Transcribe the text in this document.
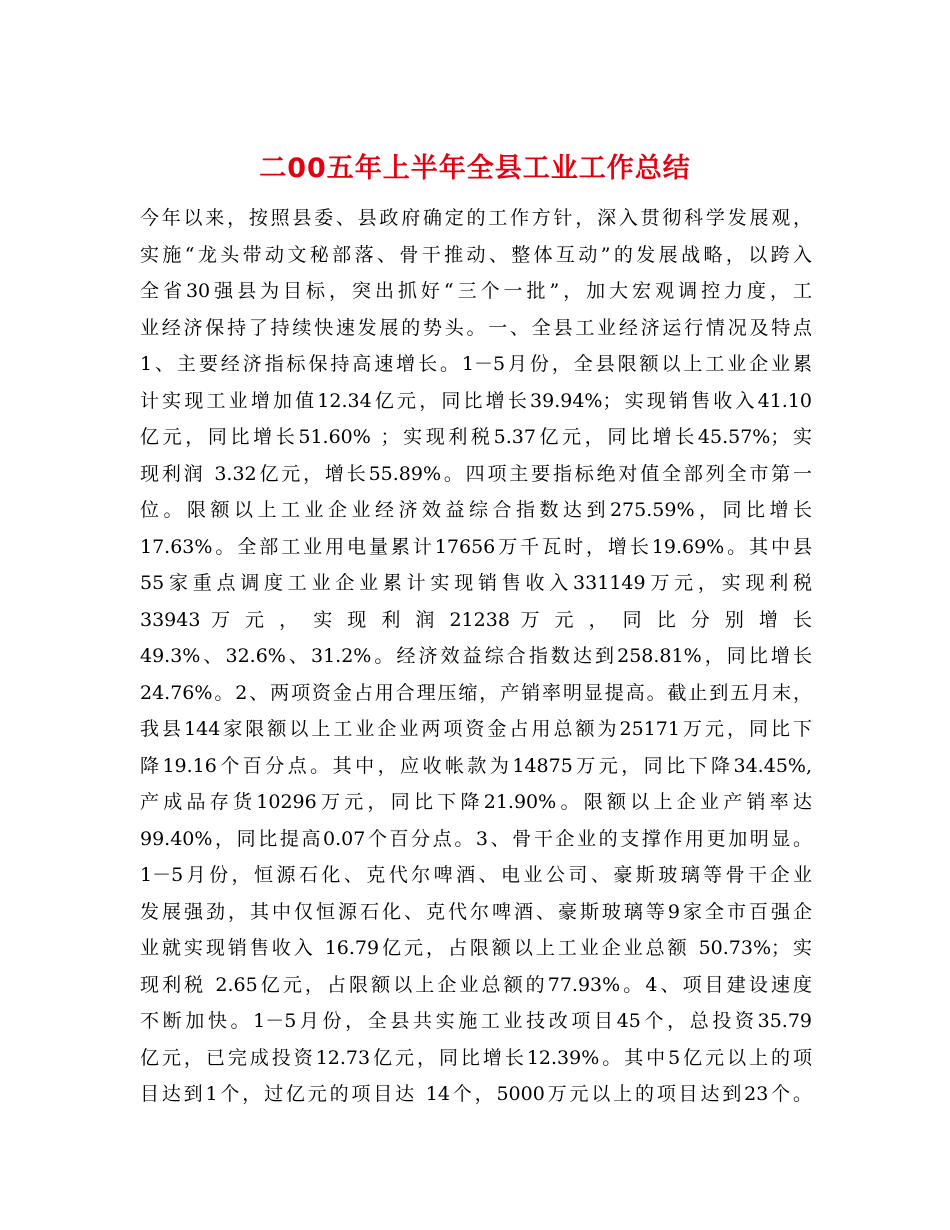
二00五年上半年全县工业工作总结
今年以来，按照县委、县政府确定的工作方针，深入贯彻科学发展观，
实施“龙头带动文秘部落、骨干推动、整体互动”的发展战略，以跨入
全省30强县为目标，突出抓好“三个一批”，加大宏观调控力度，工
业经济保持了持续快速发展的势头。一、全县工业经济运行情况及特点
1、主要经济指标保持高速增长。1－5月份，全县限额以上工业企业累
计实现工业增加值12.34亿元，同比增长39.94%；实现销售收入41.10
亿元，同比增长51.60% ；实现利税5.37亿元，同比增长45.57%；实
现利润 3.32亿元，增长55.89%。四项主要指标绝对值全部列全市第一
位。限额以上工业企业经济效益综合指数达到275.59%，同比增长
17.63%。全部工业用电量累计17656万千瓦时，增长19.69%。其中县
55家重点调度工业企业累计实现销售收入331149万元，实现利税
33943 万 元 ， 实 现 利 润 21238 万 元 ， 同 比 分 别 增 长
49.3%、32.6%、31.2%。经济效益综合指数达到258.81%，同比增长
24.76%。2、两项资金占用合理压缩，产销率明显提高。截止到五月末，
我县144家限额以上工业企业两项资金占用总额为25171万元，同比下
降19.16个百分点。其中，应收帐款为14875万元，同比下降34.45%,
产成品存货10296万元，同比下降21.90%。限额以上企业产销率达
99.40%，同比提高0.07个百分点。3、骨干企业的支撑作用更加明显。
1－5月份，恒源石化、克代尔啤酒、电业公司、豪斯玻璃等骨干企业
发展强劲，其中仅恒源石化、克代尔啤酒、豪斯玻璃等9家全市百强企
业就实现销售收入 16.79亿元，占限额以上工业企业总额 50.73%；实
现利税 2.65亿元，占限额以上企业总额的77.93%。4、项目建设速度
不断加快。1－5月份，全县共实施工业技改项目45个，总投资35.79
亿元，已完成投资12.73亿元，同比增长12.39%。其中5亿元以上的项
目达到1个，过亿元的项目达 14个，5000万元以上的项目达到23个。
